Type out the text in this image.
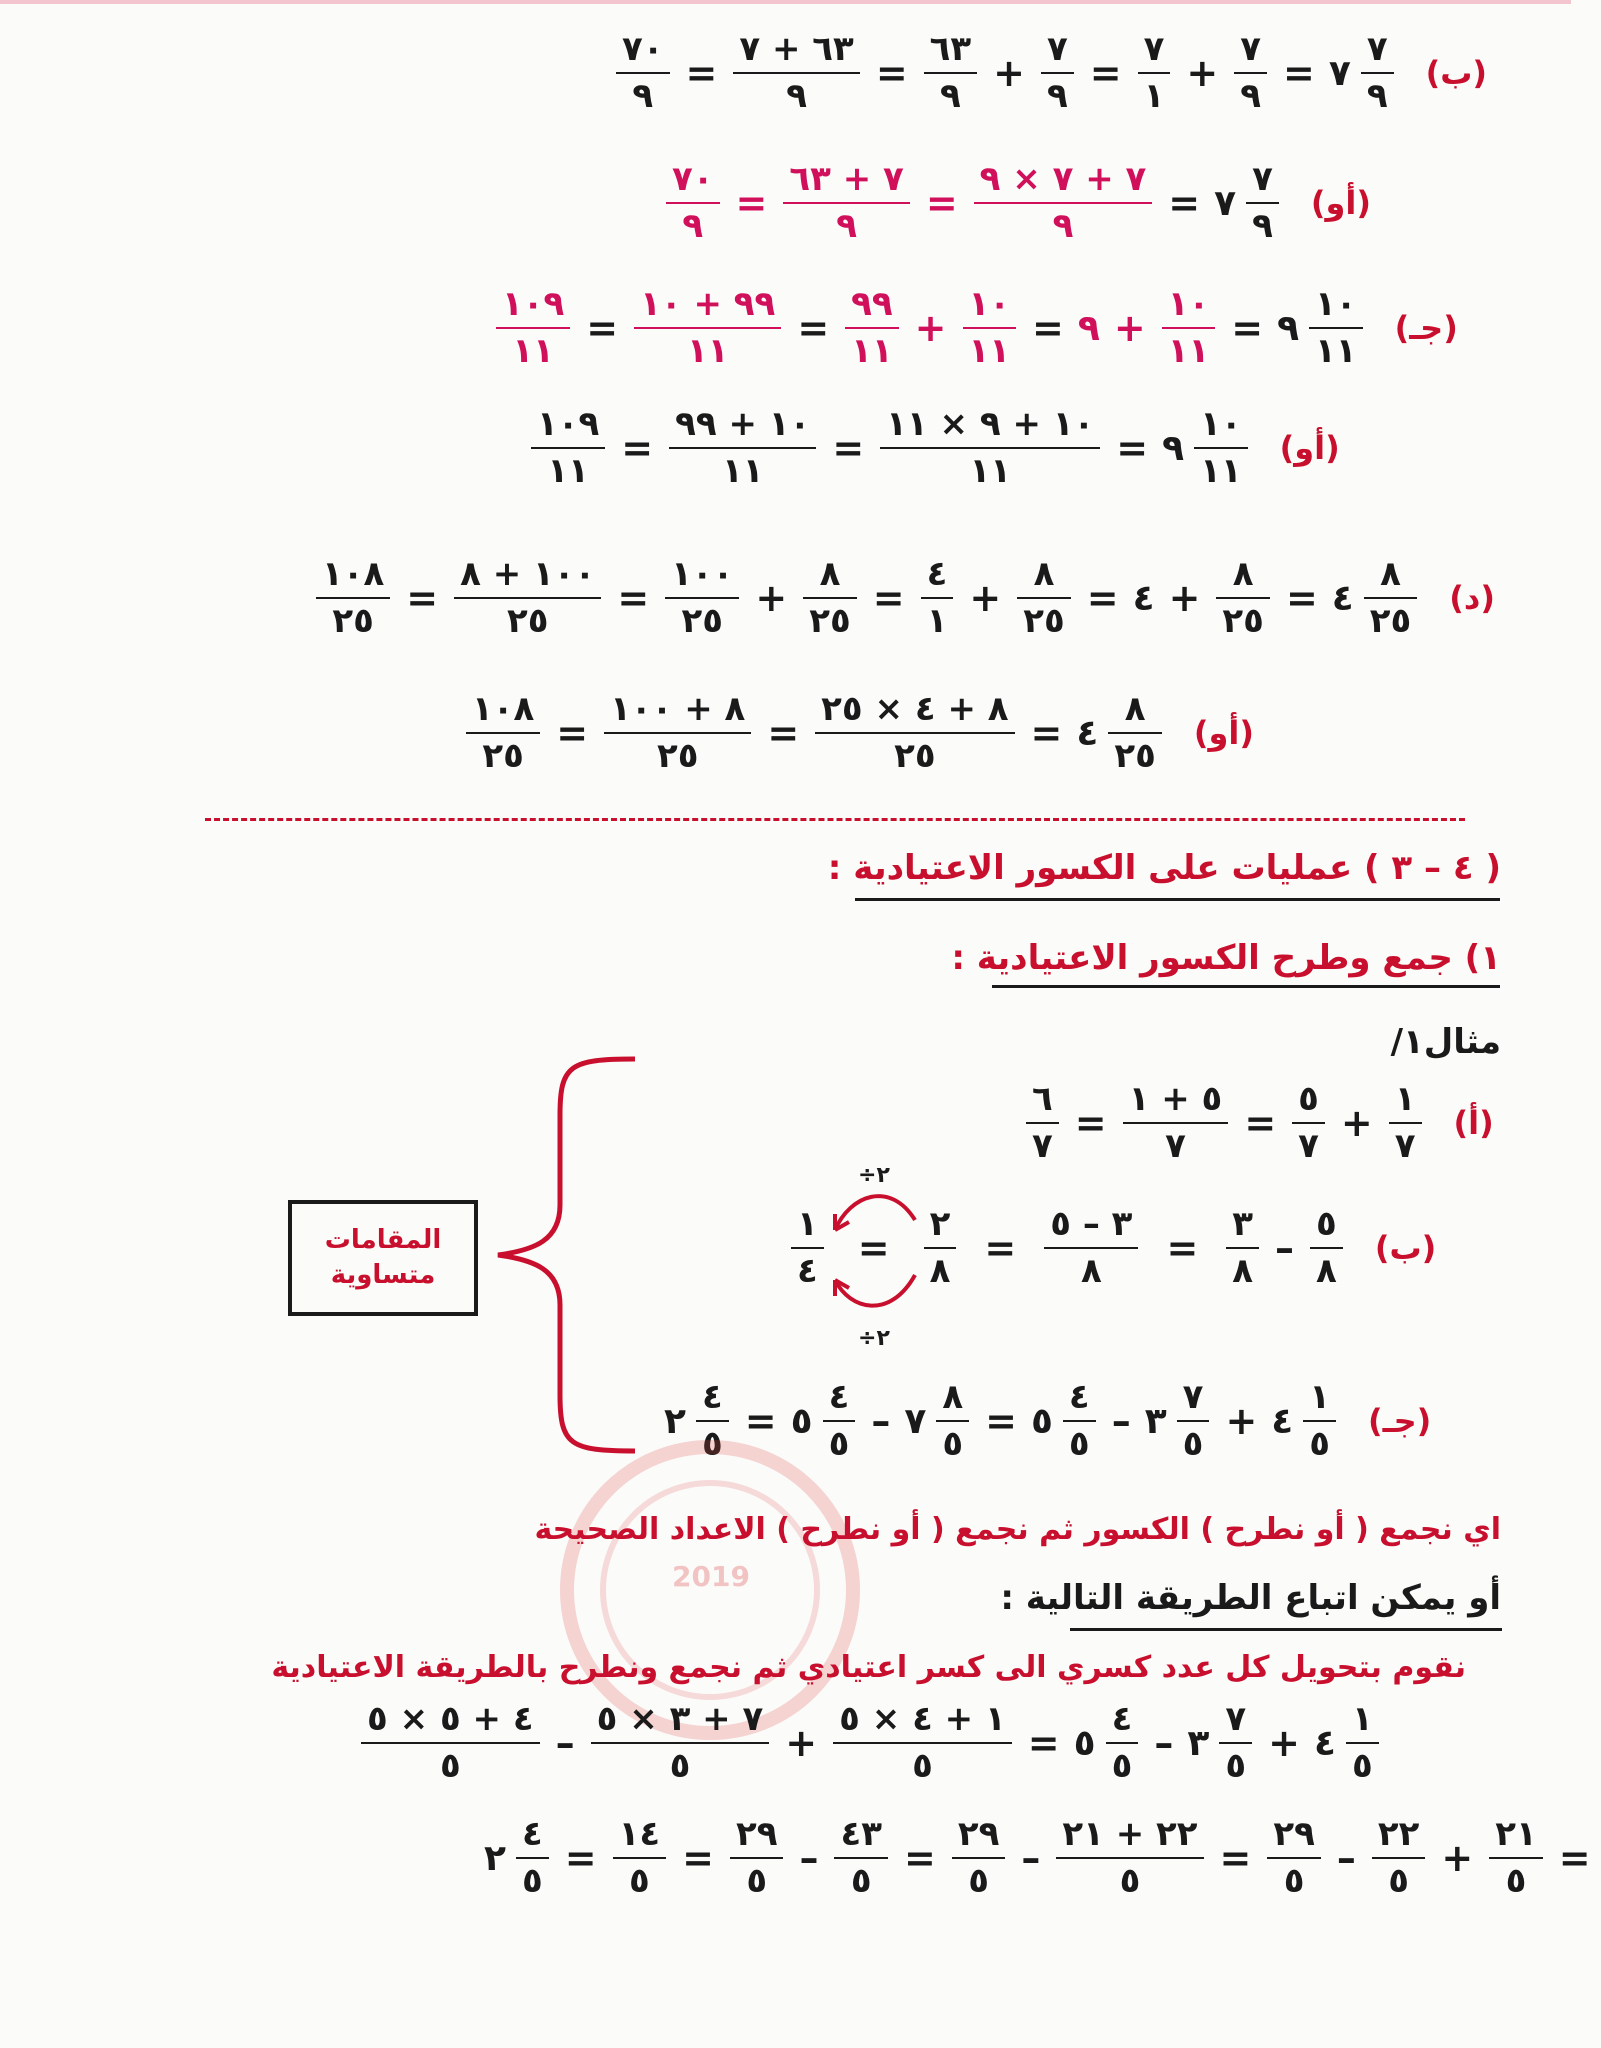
$\frac{٧٠}{٩} = \frac{٦٣ + ٧}{٩} = \frac{٦٣}{٩} + \frac{٧}{٩} = \frac{٧}{١} + \frac{٧}{٩}$ = ٧ $\frac{٧}{٩}$ (ب)
$\frac{٧٠}{٩} = \frac{٧ + ٦٣}{٩} = \frac{٧ + ٧ \times ٩}{٩}$ = ٧ $\frac{٧}{٩}$ (أو)
$\frac{١٠٩}{١١} = \frac{٩٩ + ١٠}{١١} = \frac{٩٩}{١١} + \frac{١٠}{١١}$ = ٩ + $\frac{١٠}{١١}$ = ٩ $\frac{١٠}{١١}$ (جـ)
$\frac{١٠٩}{١١} = \frac{١٠ + ٩٩}{١١} = \frac{١٠ + ٩ \times ١١}{١١}$ = ٩ $\frac{١٠}{١١}$ (أو)
$\frac{١٠٨}{٢٥} = \frac{١٠٠ + ٨}{٢٥} = \frac{١٠٠}{٢٥} + \frac{٨}{٢٥} = \frac{٤}{١} + \frac{٨}{٢٥}$ = ٤ + $\frac{٨}{٢٥}$ = ٤ $\frac{٨}{٢٥}$ (د)
$\frac{١٠٨}{٢٥} = \frac{٨ + ١٠٠}{٢٥} = \frac{٨ + ٤ \times ٢٥}{٢٥}$ = ٤ $\frac{٨}{٢٥}$ (أو)
( ٤ – ٣ ) عمليات على الكسور الاعتيادية :
١) جمع وطرح الكسور الاعتيادية :
مثال١/
$\frac{٦}{٧} = \frac{٥ + ١}{٧} = \frac{٥}{٧} + \frac{١}{٧}$ (أ)
$\frac{١}{٤} = \frac{٢}{٨} = \frac{٣ - ٥}{٨} = \frac{٣}{٨} - \frac{٥}{٨}$ (ب)
÷٢
÷٢
٢ $\frac{٤}{٥}$ = ٥ $\frac{٤}{٥}$ – ٧ $\frac{٨}{٥}$ = ٥ $\frac{٤}{٥}$ – ٣ $\frac{٧}{٥}$ + ٤ $\frac{١}{٥}$ (جـ)
المقامات
متساوية
2019
اي نجمع ( أو نطرح ) الكسور ثم نجمع ( أو نطرح ) الاعداد الصحيحة
أو يمكن اتباع الطريقة التالية :
نقوم بتحويل كل عدد كسري الى كسر اعتيادي ثم نجمع ونطرح بالطريقة الاعتيادية
$\frac{٤ + ٥ \times ٥}{٥} - \frac{٧ + ٣ \times ٥}{٥} + \frac{١ + ٤ \times ٥}{٥}$ = ٥ $\frac{٤}{٥}$ – ٣ $\frac{٧}{٥}$ + ٤ $\frac{١}{٥}$
٢ $\frac{٤}{٥} = \frac{١٤}{٥} = \frac{٢٩}{٥} - \frac{٤٣}{٥} = \frac{٢٩}{٥} - \frac{٢٢ + ٢١}{٥} = \frac{٢٩}{٥} - \frac{٢٢}{٥} + \frac{٢١}{٥}$ =
